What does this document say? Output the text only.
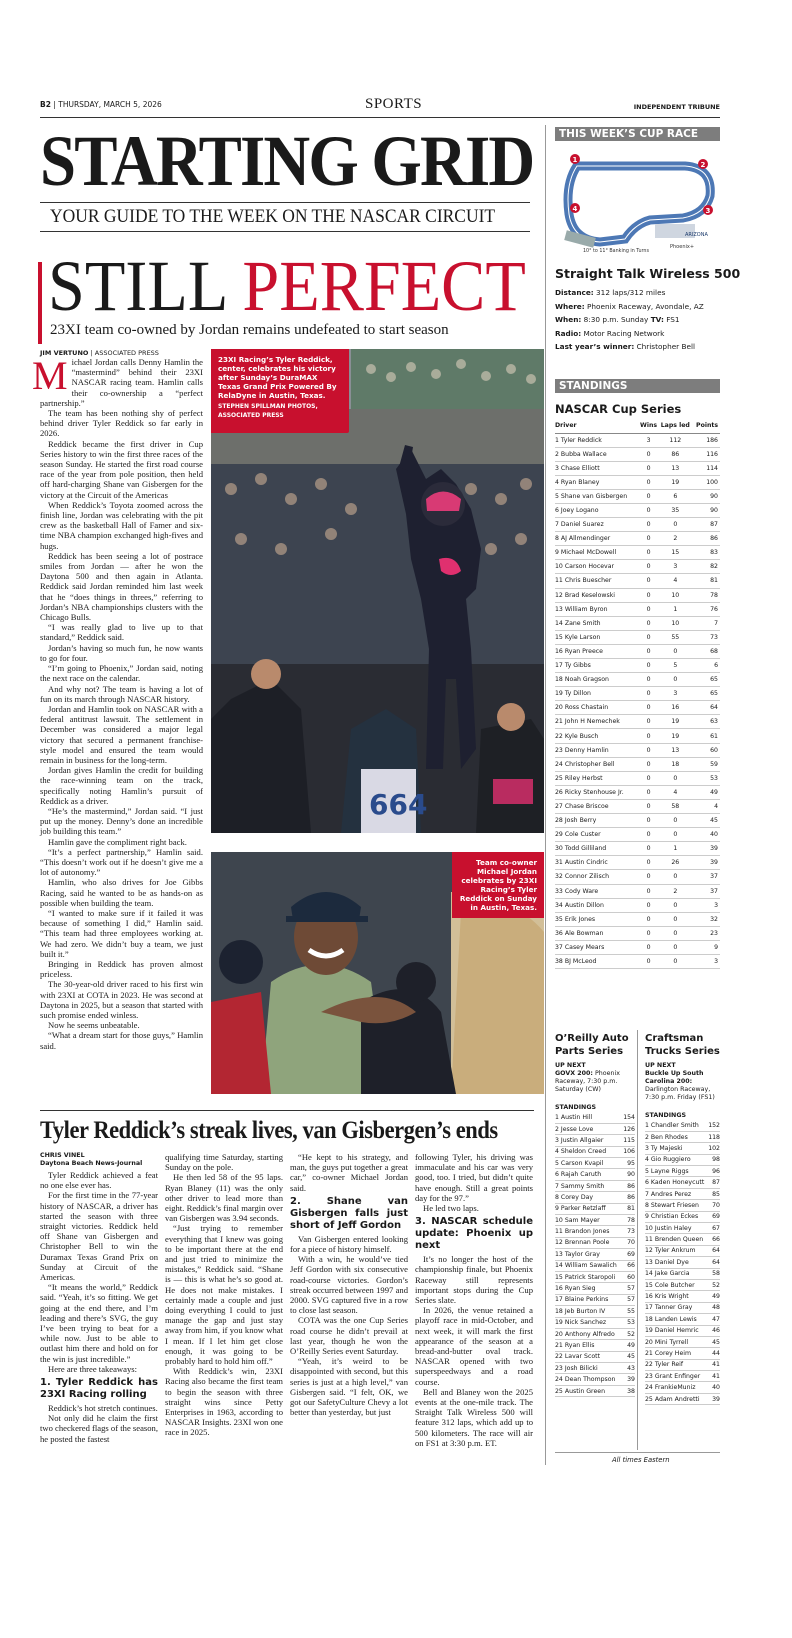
B2 | THURSDAY, MARCH 5, 2026	SPORTS	INDEPENDENT TRIBUNE
STARTING GRID
YOUR GUIDE TO THE WEEK ON THE NASCAR CIRCUIT
STILL PERFECT
23XI team co-owned by Jordan remains undefeated to start season
JIM VERTUNO | ASSOCIATED PRESS

Michael Jordan calls Denny Hamlin the “mastermind” behind their 23XI NASCAR racing team. Hamlin calls their co-ownership a “perfect partnership.”

The team has been nothing shy of perfect behind driver Tyler Reddick so far early in 2026.

Reddick became the first driver in Cup Series history to win the first three races of the season Sunday. He started the first road course race of the year from pole position, then held off hard-charging Shane van Gisbergen for the victory at the Circuit of the Americas

When Reddick’s Toyota zoomed across the finish line, Jordan was celebrating with the pit crew as the basketball Hall of Famer and six-time NBA champion exchanged high-fives and hugs.

Reddick has been seeing a lot of postrace smiles from Jordan — after he won the Daytona 500 and then again in Atlanta. Reddick said Jordan reminded him last week that he “does things in threes,” referring to Jordan’s NBA championships clusters with the Chicago Bulls.

“I was really glad to live up to that standard,” Reddick said.

Jordan’s having so much fun, he now wants to go for four.

“I’m going to Phoenix,” Jordan said, noting the next race on the calendar.

And why not? The team is having a lot of fun on its march through NASCAR history.

Jordan and Hamlin took on NASCAR with a federal antitrust lawsuit. The settlement in December was considered a major legal victory that secured a permanent franchise-style model and ensured the team would remain in business for the long-term.

Jordan gives Hamlin the credit for building the race-winning team on the track, specifically noting Hamlin’s pursuit of Reddick as a driver.

“He’s the mastermind,” Jordan said. “I just put up the money. Denny’s done an incredible job building this team.”

Hamlin gave the compliment right back.

“It’s a perfect partnership,” Hamlin said. “This doesn’t work out if he doesn’t give me a lot of autonomy.”

Hamlin, who also drives for Joe Gibbs Racing, said he wanted to be as hands-on as possible when building the team.

“I wanted to make sure if it failed it was because of something I did,” Hamlin said. “This team had three employees working at. We had zero. We didn’t buy a team, we just built it.”

Bringing in Reddick has proven almost priceless.

The 30-year-old driver raced to his first win with 23XI at COTA in 2023. He was second at Daytona in 2025, but a season that started with such promise ended winless.

Now he seems unbeatable.

“What a dream start for those guys,” Hamlin said.

664
23XI Racing’s Tyler Reddick, center, celebrates his victory after Sunday’s DuraMAX Texas Grand Prix Powered By RelaDyne in Austin, Texas.
STEPHEN SPILLMAN PHOTOS, ASSOCIATED PRESS
Team co-owner Michael Jordan celebrates by 23XI Racing’s Tyler Reddick on Sunday in Austin, Texas.
Tyler Reddick’s streak lives, van Gisbergen’s ends
CHRIS VINEL
Daytona Beach News-Journal

Tyler Reddick achieved a feat no one else ever has.

For the first time in the 77-year history of NASCAR, a driver has started the season with three straight victories. Reddick held off Shane van Gisbergen and Christopher Bell to win the Duramax Texas Grand Prix on Sunday at Circuit of the Americas.

“It means the world,” Reddick said. “Yeah, it’s so fitting. We get going at the end there, and I’m leading and there’s SVG, the guy I’ve been trying to beat for a while now. Just to be able to outlast him there and hold on for the win is just incredible.”

Here are three takeaways:

1. Tyler Reddick has 23XI Racing rolling

Reddick’s hot stretch continues.

Not only did he claim the first two checkered flags of the season, he posted the fastest

qualifying time Saturday, starting Sunday on the pole.

He then led 58 of the 95 laps. Ryan Blaney (11) was the only other driver to lead more than eight. Reddick’s final margin over van Gisbergen was 3.94 seconds.

“Just trying to remember everything that I knew was going to be important there at the end and just tried to minimize the mistakes,” Reddick said. “Shane is — this is what he’s so good at. He does not make mistakes. I certainly made a couple and just doing everything I could to just manage the gap and just stay away from him, if you know what I mean. If I let him get close enough, it was going to be probably hard to hold him off.”

With Reddick’s win, 23XI Racing also became the first team to begin the season with three straight wins since Petty Enterprises in 1963, according to NASCAR Insights. 23XI won one race in 2025.

“He kept to his strategy, and man, the guys put together a great car,” co-owner Michael Jordan said.

2. Shane van Gisbergen falls just short of Jeff Gordon

Van Gisbergen entered looking for a piece of history himself.

With a win, he would’ve tied Jeff Gordon with six consecutive road-course victories. Gordon’s streak occurred between 1997 and 2000. SVG captured five in a row to close last season.

COTA was the one Cup Series road course he didn’t prevail at last year, though he won the O’Reilly Series event Saturday.

“Yeah, it’s weird to be disappointed with second, but this series is just at a high level,” van Gisbergen said. “I felt, OK, we got our SafetyCulture Chevy a lot better than yesterday, but just

following Tyler, his driving was immaculate and his car was very good, too. I tried, but didn’t quite have enough. Still a great points day for the 97.”

He led two laps.

3. NASCAR schedule update: Phoenix up next

It’s no longer the host of the championship finale, but Phoenix Raceway still represents important stops during the Cup Series slate.

In 2026, the venue retained a playoff race in mid-October, and next week, it will mark the first appearance of the season at a bread-and-butter oval track. NASCAR opened with two superspeedways and a road course.

Bell and Blaney won the 2025 events at the one-mile track. The Straight Talk Wireless 500 will feature 312 laps, which add up to 500 kilometers. The race will air on FS1 at 3:30 p.m. ET.

THIS WEEK’S CUP RACE
1
2
4	3
ARIZONA
Phoenix+
10° to 11° Banking in Turns
Straight Talk Wireless 500
Distance: 312 laps/312 miles
Where: Phoenix Raceway, Avondale, AZ
When: 8:30 p.m. Sunday TV: FS1
Radio: Motor Racing Network
Last year’s winner: Christopher Bell
STANDINGS
NASCAR Cup Series
Driver	Wins	Laps led	Points
1 Tyler Reddick	3	112	186
2 Bubba Wallace	0	86	116
3 Chase Elliott	0	13	114
4 Ryan Blaney	0	19	100
5 Shane van Gisbergen	0	6	90
6 Joey Logano	0	35	90
7 Daniel Suarez	0	0	87
8 AJ Allmendinger	0	2	86
9 Michael McDowell	0	15	83
10 Carson Hocevar	0	3	82
11 Chris Buescher	0	4	81
12 Brad Keselowski	0	10	78
13 William Byron	0	1	76
14 Zane Smith	0	10	7
15 Kyle Larson	0	55	73
16 Ryan Preece	0	0	68
17 Ty Gibbs	0	5	6
18 Noah Gragson	0	0	65
19 Ty Dillon	0	3	65
20 Ross Chastain	0	16	64
21 John H Nemechek	0	19	63
22 Kyle Busch	0	19	61
23 Denny Hamlin	0	13	60
24 Christopher Bell	0	18	59
25 Riley Herbst	0	0	53
26 Ricky Stenhouse Jr.	0	4	49
27 Chase Briscoe	0	58	4
28 Josh Berry	0	0	45
29 Cole Custer	0	0	40
30 Todd Gilliland	0	1	39
31 Austin Cindric	0	26	39
32 Connor Zilisch	0	0	37
33 Cody Ware	0	2	37
34 Austin Dillon	0	0	3
35 Erik Jones	0	0	32
36 Ale Bowman	0	0	23
37 Casey Mears	0	0	9
38 BJ McLeod	0	0	3
O’Reilly Auto Parts Series
UP NEXT
GOVX 200: Phoenix Raceway, 7:30 p.m. Saturday (CW)
STANDINGS
1 Austin Hill	154
2 Jesse Love	126
3 Justin Allgaier	115
4 Sheldon Creed	106
5 Carson Kvapil	95
6 Rajah Caruth	90
7 Sammy Smith	86
8 Corey Day	86
9 Parker Retzlaff	81
10 Sam Mayer	78
11 Brandon Jones	73
12 Brennan Poole	70
13 Taylor Gray	69
14 William Sawalich	66
15 Patrick Staropoli	60
16 Ryan Sieg	57
17 Blaine Perkins	57
18 Jeb Burton IV	55
19 Nick Sanchez	53
20 Anthony Alfredo	52
21 Ryan Ellis	49
22 Lavar Scott	45
23 Josh Bilicki	43
24 Dean Thompson	39
25 Austin Green	38
Craftsman Trucks Series
UP NEXT
Buckle Up South Carolina 200: Darlington Raceway, 7:30 p.m. Friday (FS1)
STANDINGS
1 Chandler Smith	152
2 Ben Rhodes	118
3 Ty Majeski	102
4 Gio Ruggiero	98
5 Layne Riggs	96
6 Kaden Honeycutt	87
7 Andres Perez	85
8 Stewart Friesen	70
9 Christian Eckes	69
10 Justin Haley	67
11 Brenden Queen	66
12 Tyler Ankrum	64
13 Daniel Dye	64
14 Jake Garcia	58
15 Cole Butcher	52
16 Kris Wright	49
17 Tanner Gray	48
18 Landen Lewis	47
19 Daniel Hemric	46
20 Mini Tyrrell	45
21 Corey Heim	44
22 Tyler Reif	41
23 Grant Enfinger	41
24 FrankieMuniz	40
25 Adam Andretti	39
All times Eastern
